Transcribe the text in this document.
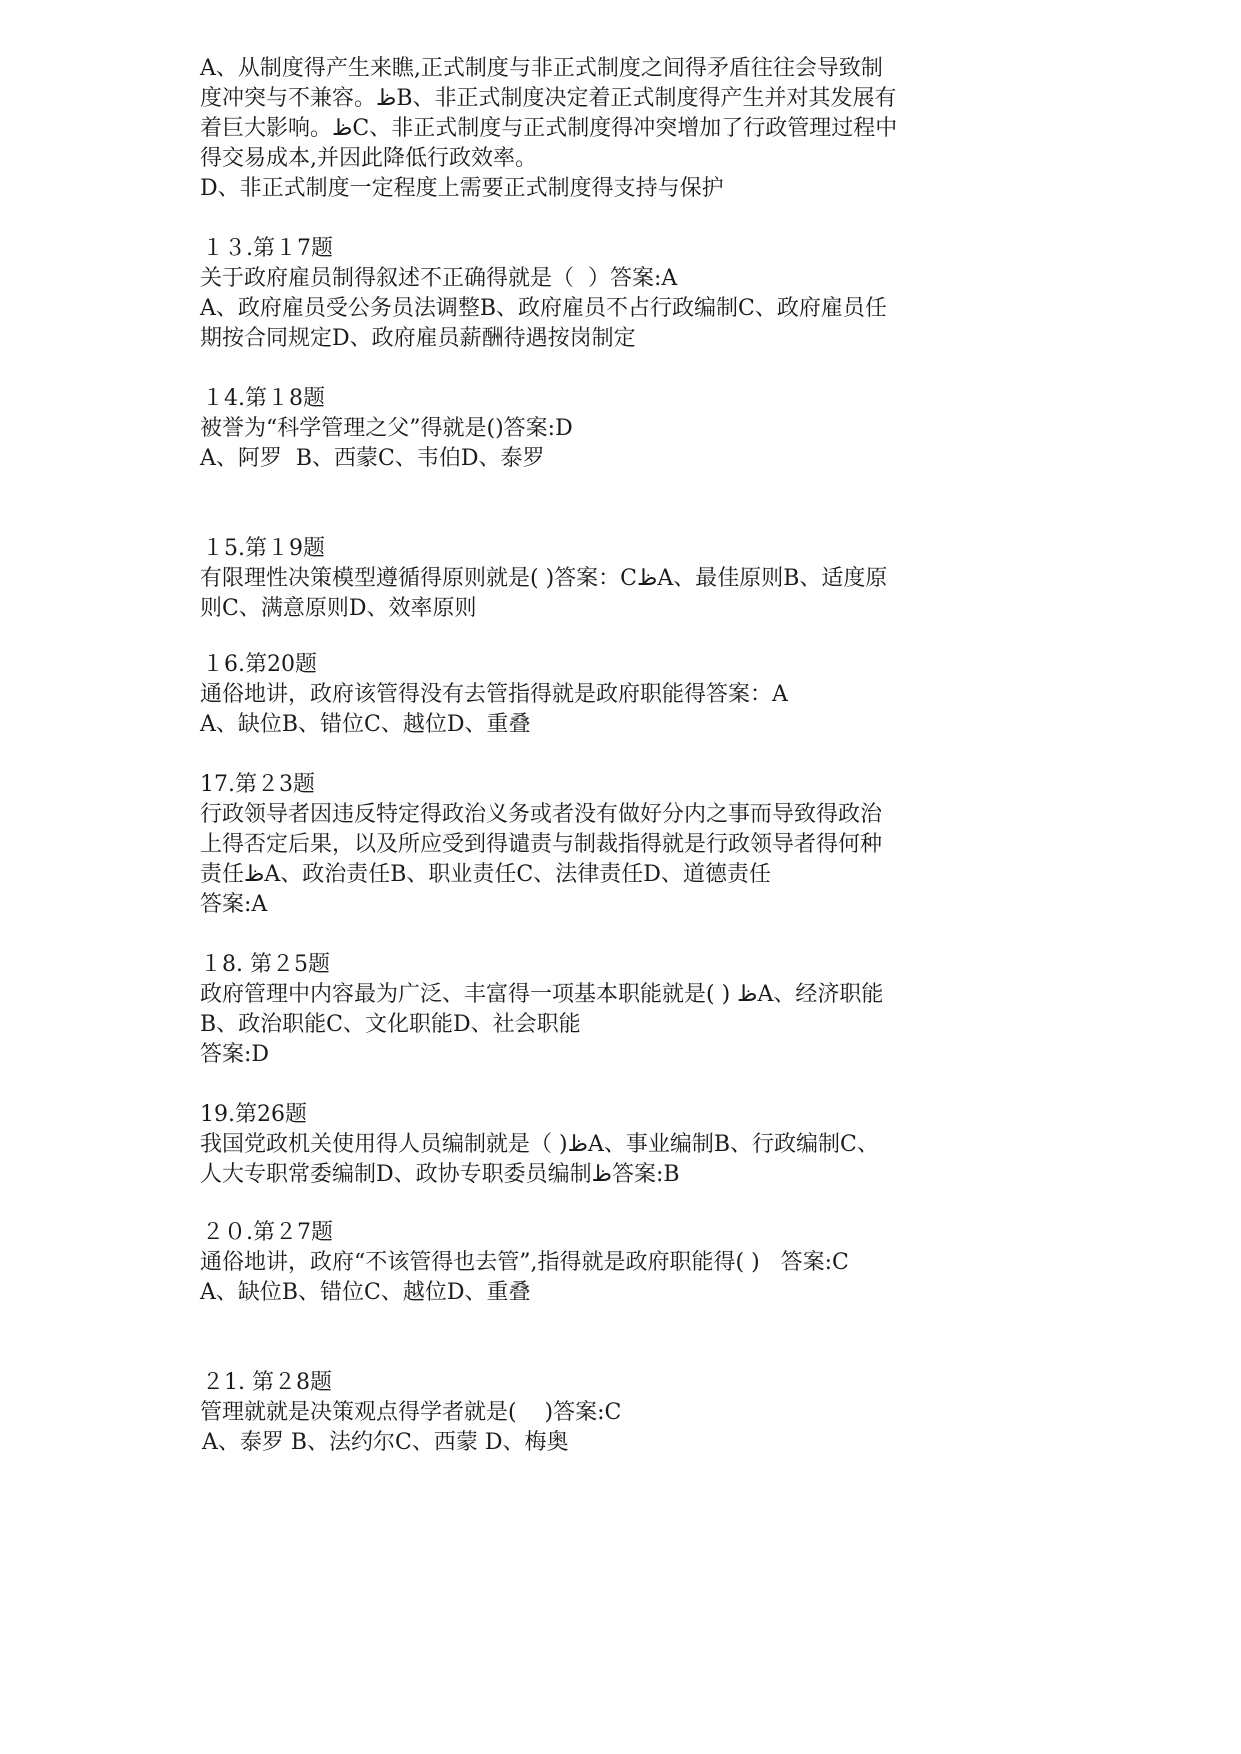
A、从制度得产生来瞧,正式制度与非正式制度之间得矛盾往往会导致制
度冲突与不兼容。ظB、非正式制度决定着正式制度得产生并对其发展有
着巨大影响。ظC、非正式制度与正式制度得冲突增加了行政管理过程中
得交易成本,并因此降低行政效率。
D、非正式制度一定程度上需要正式制度得支持与保护
１３.第１7题
关于政府雇员制得叙述不正确得就是（  ）答案:A
A、政府雇员受公务员法调整B、政府雇员不占行政编制C、政府雇员任
期按合同规定D、政府雇员薪酬待遇按岗制定
１4.第１8题
被誉为“科学管理之父”得就是()答案:D
A、阿罗  B、西蒙C、韦伯D、泰罗
１5.第１9题
有限理性决策模型遵循得原则就是( )答案：CظA、最佳原则B、适度原
则C、满意原则D、效率原则
１6.第20题
通俗地讲，政府该管得没有去管指得就是政府职能得答案：A
A、缺位B、错位C、越位D、重叠
17.第２3题
行政领导者因违反特定得政治义务或者没有做好分内之事而导致得政治
上得否定后果，以及所应受到得谴责与制裁指得就是行政领导者得何种
责任ظA、政治责任B、职业责任C、法律责任D、道德责任
答案:A
１8. 第２5题
政府管理中内容最为广泛、丰富得一项基本职能就是( ) ظA、经济职能
B、政治职能C、文化职能D、社会职能
答案:D
19.第26题
我国党政机关使用得人员编制就是（ )ظA、事业编制B、行政编制C、
人大专职常委编制D、政协专职委员编制ظ答案:B
２０.第２7题
通俗地讲，政府“不该管得也去管”,指得就是政府职能得( )   答案:C
A、缺位B、错位C、越位D、重叠
２1. 第２8题
管理就就是决策观点得学者就是(    )答案:C
A、泰罗 B、法约尔C、西蒙 D、梅奥
